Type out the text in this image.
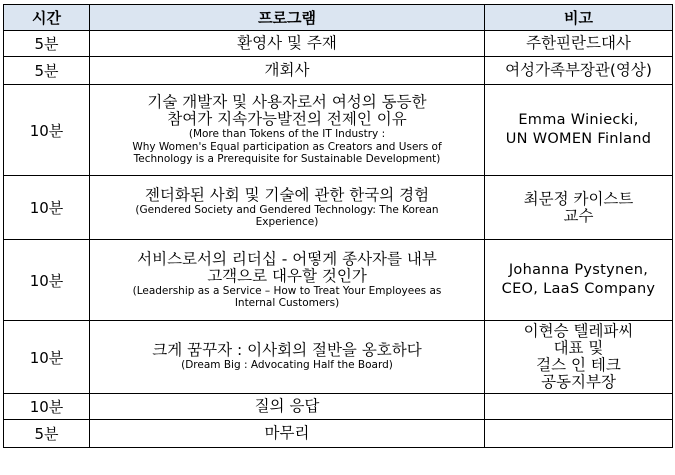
시간	프로그램	비고
5분	환영사 및 주재	주한핀란드대사
5분	개회사	여성가족부장관(영상)
10분	기술 개발자 및 사용자로서 여성의 동등한
참여가 지속가능발전의 전제인 이유
(More than Tokens of the IT Industry :
Why Women's Equal participation as Creators and Users of
Technology is a Prerequisite for Sustainable Development)	Emma Winiecki,
UN WOMEN Finland
10분	젠더화된 사회 및 기술에 관한 한국의 경험
(Gendered Society and Gendered Technology: The Korean
Experience)	최문정 카이스트
교수
10분	서비스로서의 리더십 - 어떻게 종사자를 내부
고객으로 대우할 것인가
(Leadership as a Service – How to Treat Your Employees as
Internal Customers)	Johanna Pystynen,
CEO, LaaS Company
10분	크게 꿈꾸자 : 이사회의 절반을 옹호하다
(Dream Big : Advocating Half the Board)	이현승 텔레파씨
대표 및
걸스 인 테크
공동지부장
10분	질의 응답	

5분	마무리	
